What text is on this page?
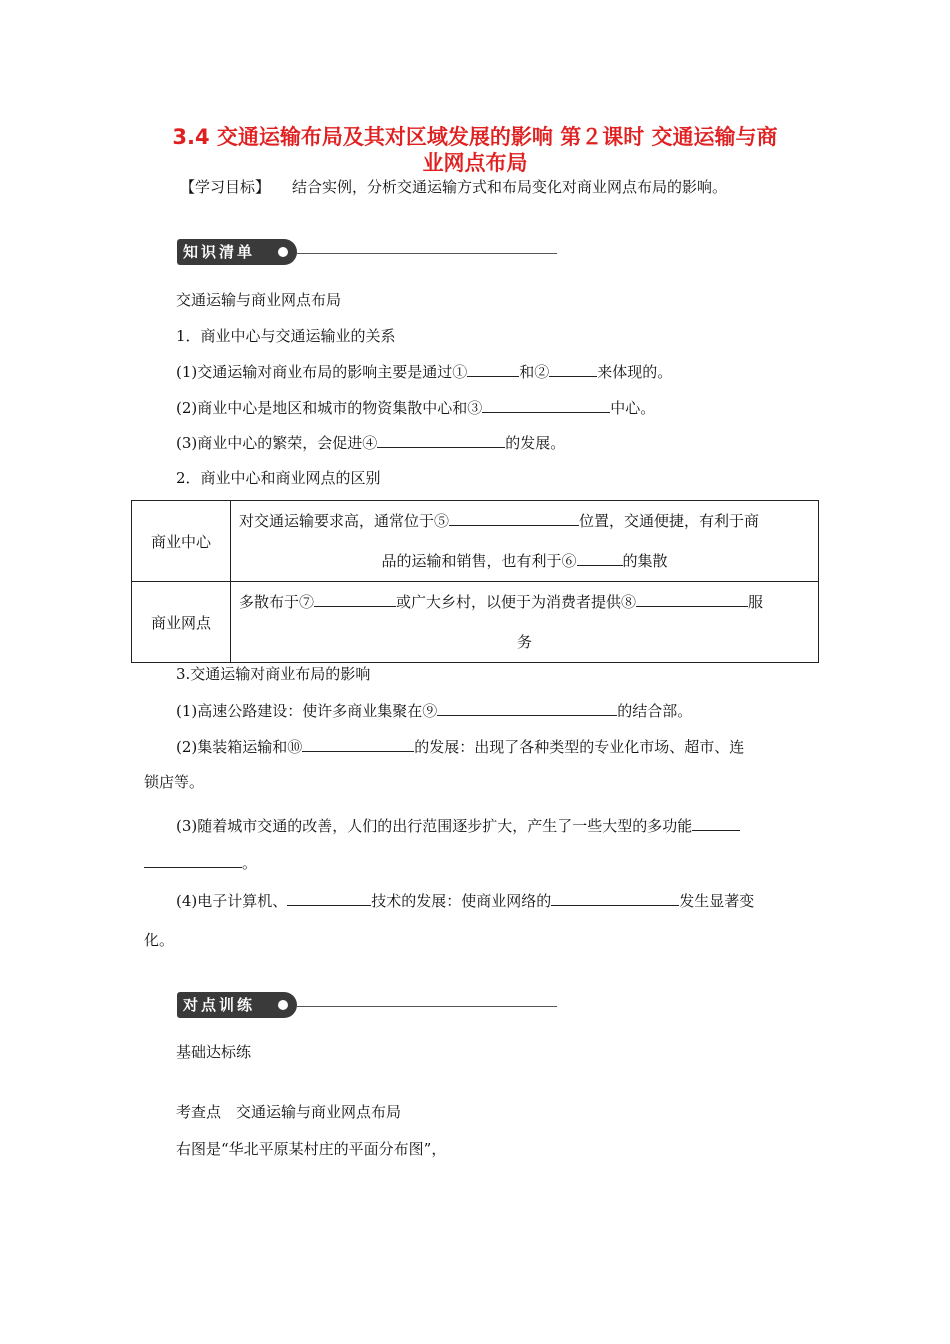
3.4 交通运输布局及其对区域发展的影响 第２课时 交通运输与商
业网点布局
【学习目标】 结合实例，分析交通运输方式和布局变化对商业网点布局的影响。
知识清单
交通运输与商业网点布局
1．商业中心与交通运输业的关系
(1)交通运输对商业布局的影响主要是通过①	和②	来体现的。
(2)商业中心是地区和城市的物资集散中心和③	中心。
(3)商业中心的繁荣，会促进④	的发展。
2．商业中心和商业网点的区别
商业中心	对交通运输要求高，通常位于⑤ 位置，交通便捷，有利于商
品的运输和销售，也有利于⑥ 的集散

商业网点	多散布于⑦ 或广大乡村，以便于为消费者提供⑧ 服
务
3.交通运输对商业布局的影响
(1)高速公路建设：使许多商业集聚在⑨	的结合部。
(2)集装箱运输和⑩	的发展：出现了各种类型的专业化市场、超市、连
锁店等。
(3)随着城市交通的改善，人们的出行范围逐步扩大，产生了一些大型的多功能
。
(4)电子计算机、	技术的发展：使商业网络的	发生显著变
化。
对点训练
基础达标练
考查点　交通运输与商业网点布局
右图是“华北平原某村庄的平面分布图”，
